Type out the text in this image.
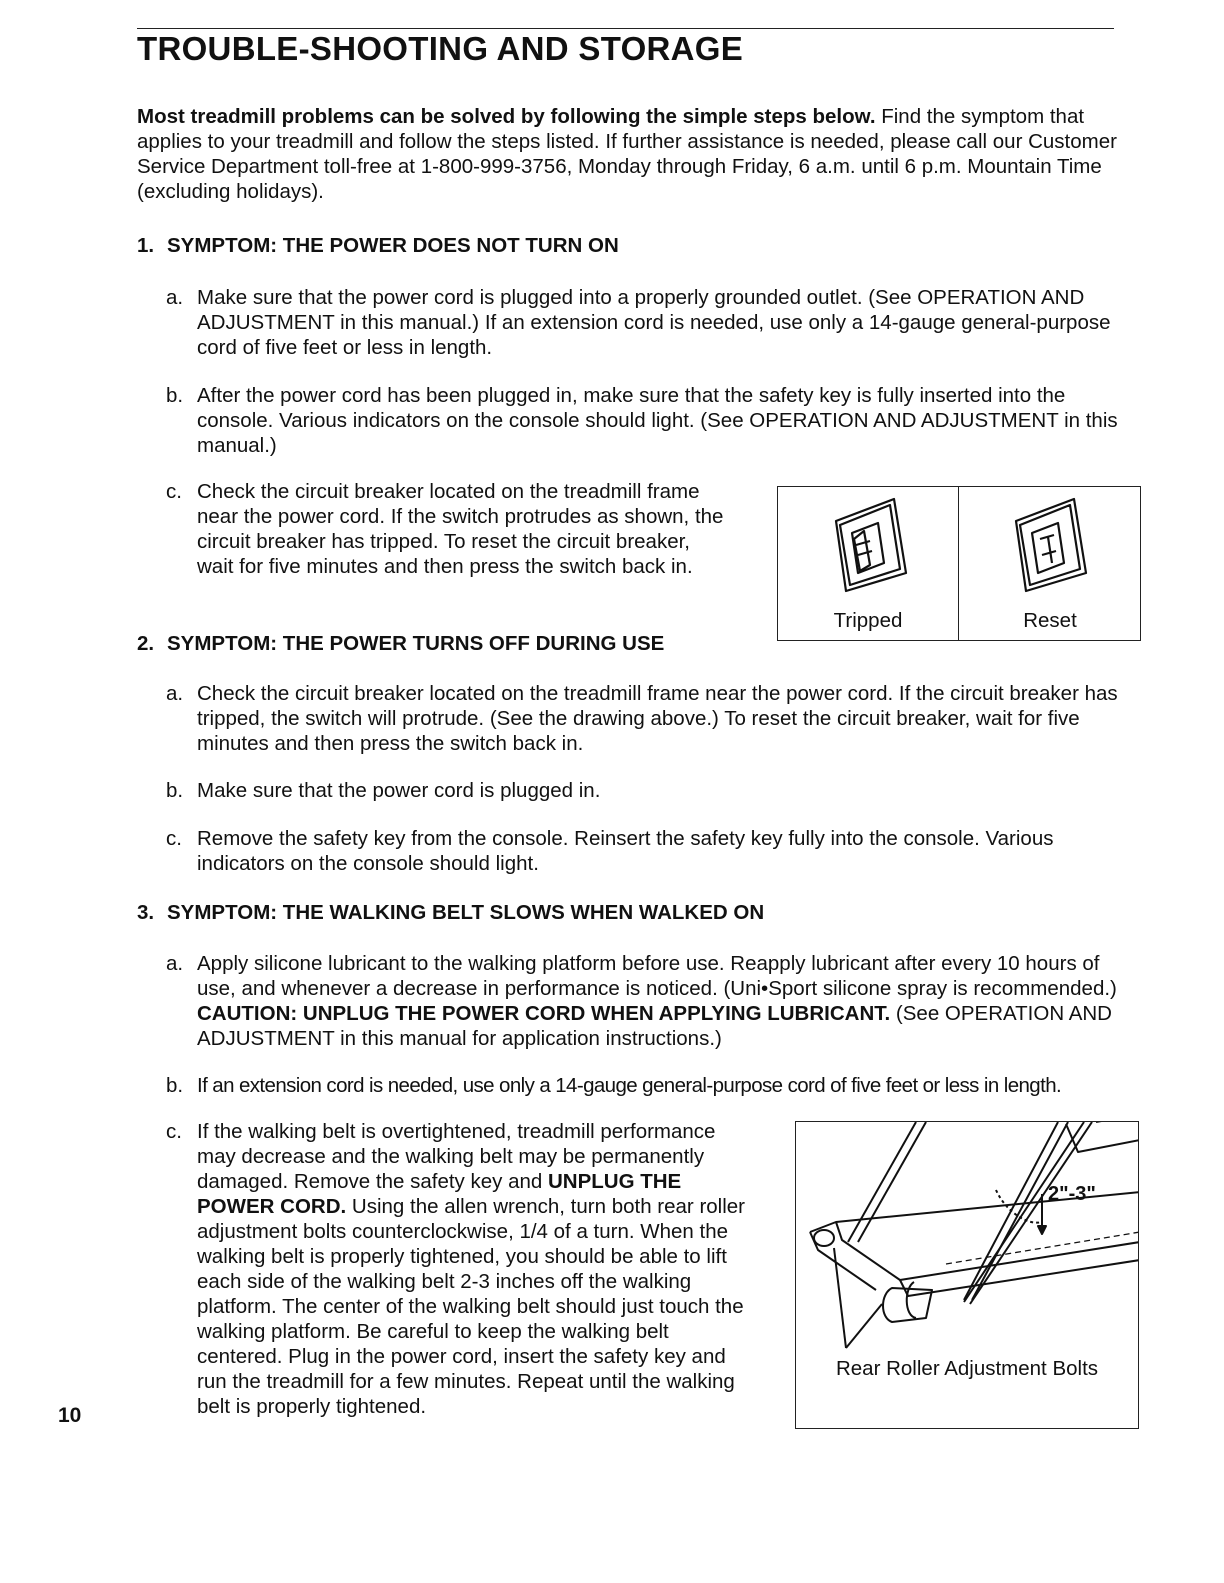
TROUBLE-SHOOTING AND STORAGE
Most treadmill problems can be solved by following the simple steps below. Find the symptom that applies to your treadmill and follow the steps listed. If further assistance is needed, please call our Customer Service Department toll-free at 1-800-999-3756, Monday through Friday, 6 a.m. until 6 p.m. Mountain Time (excluding holidays).
1. SYMPTOM: THE POWER DOES NOT TURN ON
a. Make sure that the power cord is plugged into a properly grounded outlet. (See OPERATION AND ADJUSTMENT in this manual.) If an extension cord is needed, use only a 14-gauge general-purpose cord of five feet or less in length.
b. After the power cord has been plugged in, make sure that the safety key is fully inserted into the console. Various indicators on the console should light. (See OPERATION AND ADJUSTMENT in this manual.)
c. Check the circuit breaker located on the treadmill frame near the power cord. If the switch protrudes as shown, the circuit breaker has tripped. To reset the circuit breaker, wait for five minutes and then press the switch back in.
Tripped	Reset
2. SYMPTOM: THE POWER TURNS OFF DURING USE
a. Check the circuit breaker located on the treadmill frame near the power cord. If the circuit breaker has tripped, the switch will protrude. (See the drawing above.) To reset the circuit breaker, wait for five minutes and then press the switch back in.
b. Make sure that the power cord is plugged in.
c. Remove the safety key from the console. Reinsert the safety key fully into the console. Various indicators on the console should light.
3. SYMPTOM: THE WALKING BELT SLOWS WHEN WALKED ON
a. Apply silicone lubricant to the walking platform before use. Reapply lubricant after every 10 hours of use, and whenever a decrease in performance is noticed. (Uni•Sport silicone spray is recommended.) CAUTION: UNPLUG THE POWER CORD WHEN APPLYING LUBRICANT. (See OPERATION AND ADJUSTMENT in this manual for application instructions.)
b. If an extension cord is needed, use only a 14-gauge general-purpose cord of five feet or less in length.
c. If the walking belt is overtightened, treadmill performance may decrease and the walking belt may be permanently damaged. Remove the safety key and UNPLUG THE POWER CORD. Using the allen wrench, turn both rear roller adjustment bolts counterclockwise, 1/4 of a turn. When the walking belt is properly tightened, you should be able to lift each side of the walking belt 2-3 inches off the walking platform. The center of the walking belt should just touch the walking platform. Be careful to keep the walking belt centered. Plug in the power cord, insert the safety key and run the treadmill for a few minutes. Repeat until the walking belt is properly tightened.
2"-3"
Rear Roller Adjustment Bolts
10
